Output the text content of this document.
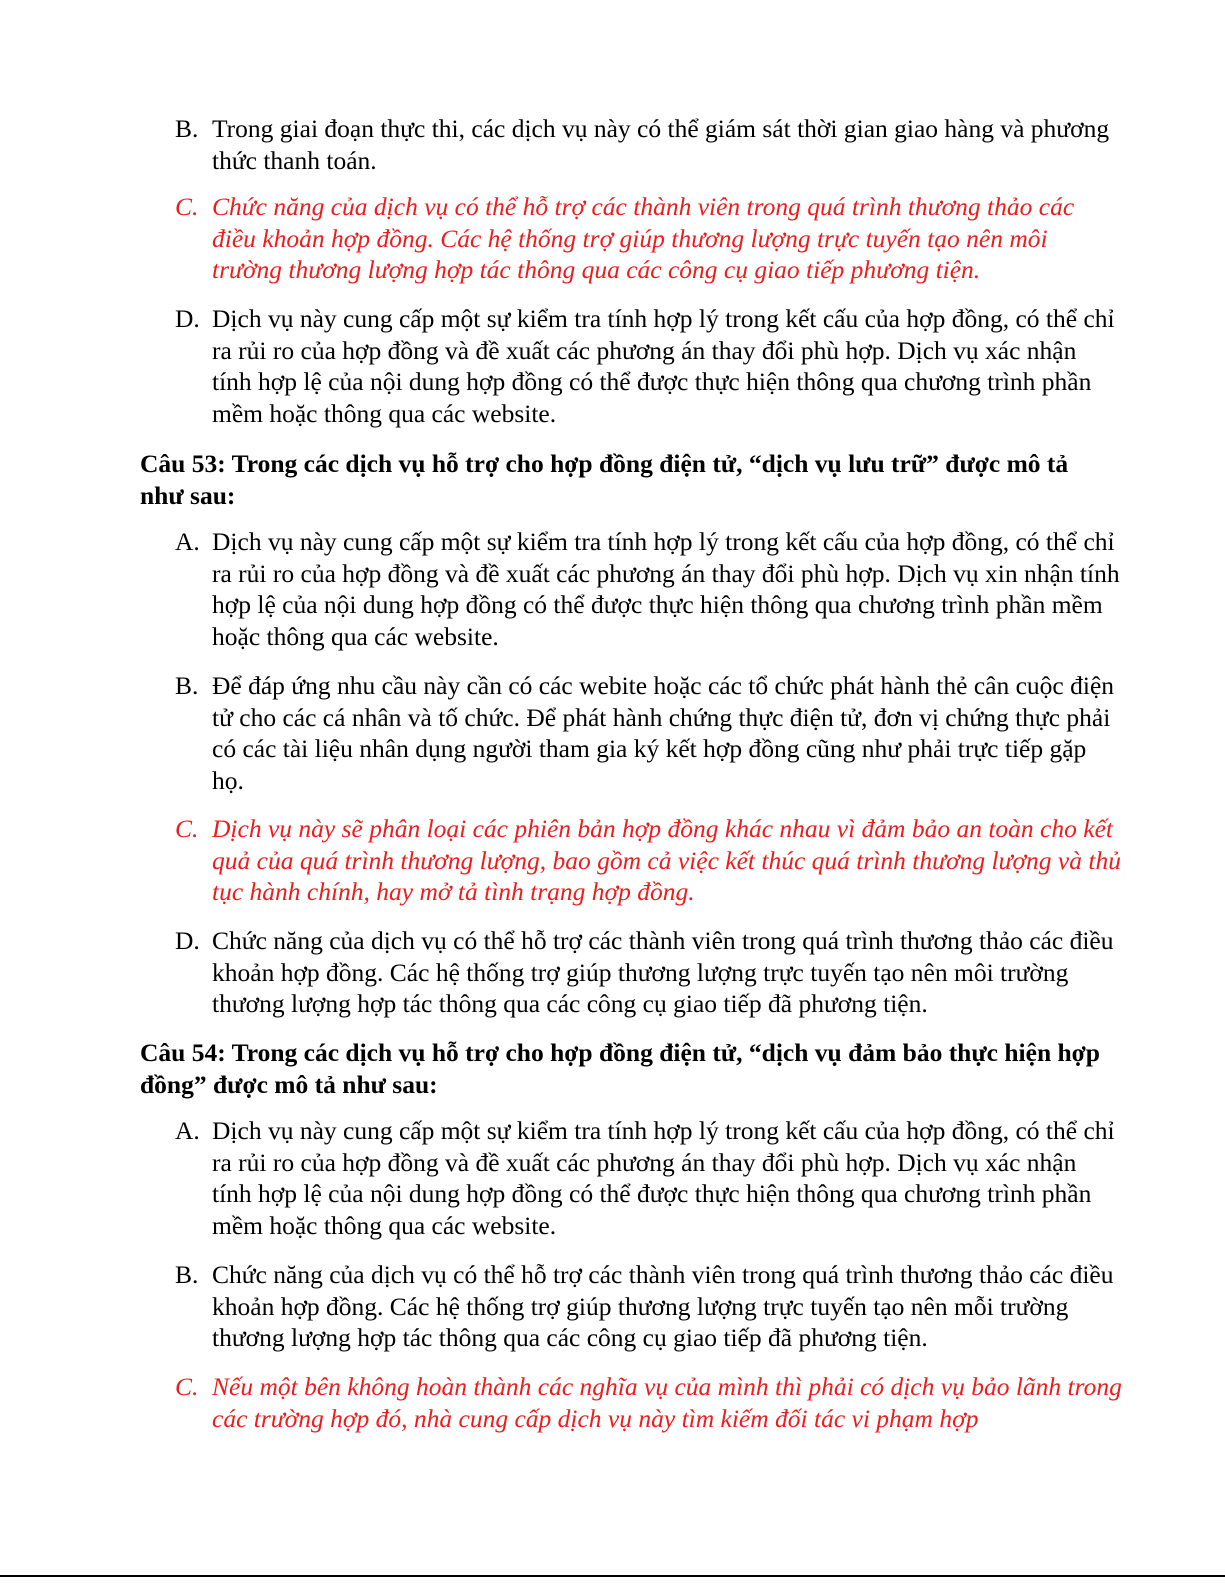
B. Trong giai đoạn thực thi, các dịch vụ này có thể giám sát thời gian giao hàng và phương thức thanh toán.
C. Chức năng của dịch vụ có thể hỗ trợ các thành viên trong quá trình thương thảo các điều khoản hợp đồng. Các hệ thống trợ giúp thương lượng trực tuyến tạo nên môi trường thương lượng hợp tác thông qua các công cụ giao tiếp phương tiện.
D. Dịch vụ này cung cấp một sự kiểm tra tính hợp lý trong kết cấu của hợp đồng, có thể chỉ ra rủi ro của hợp đồng và đề xuất các phương án thay đổi phù hợp. Dịch vụ xác nhận tính hợp lệ của nội dung hợp đồng có thể được thực hiện thông qua chương trình phần mềm hoặc thông qua các website.
Câu 53: Trong các dịch vụ hỗ trợ cho hợp đồng điện tử, “dịch vụ lưu trữ” được mô tả như sau:
A. Dịch vụ này cung cấp một sự kiểm tra tính hợp lý trong kết cấu của hợp đồng, có thể chỉ ra rủi ro của hợp đồng và đề xuất các phương án thay đổi phù hợp. Dịch vụ xin nhận tính hợp lệ của nội dung hợp đồng có thể được thực hiện thông qua chương trình phần mềm hoặc thông qua các website.
B. Để đáp ứng nhu cầu này cần có các webite hoặc các tổ chức phát hành thẻ cân cuộc điện tử cho các cá nhân và tố chức. Để phát hành chứng thực điện tử, đơn vị chứng thực phải có các tài liệu nhân dụng người tham gia ký kết hợp đồng cũng như phải trực tiếp gặp họ.
C. Dịch vụ này sẽ phân loại các phiên bản hợp đồng khác nhau vì đảm bảo an toàn cho kết quả của quá trình thương lượng, bao gồm cả việc kết thúc quá trình thương lượng và thủ tục hành chính, hay mở tả tình trạng hợp đồng.
D. Chức năng của dịch vụ có thể hỗ trợ các thành viên trong quá trình thương thảo các điều khoản hợp đồng. Các hệ thống trợ giúp thương lượng trực tuyến tạo nên môi trường thương lượng hợp tác thông qua các công cụ giao tiếp đã phương tiện.
Câu 54: Trong các dịch vụ hỗ trợ cho hợp đồng điện tử, “dịch vụ đảm bảo thực hiện hợp đồng” được mô tả như sau:
A. Dịch vụ này cung cấp một sự kiểm tra tính hợp lý trong kết cấu của hợp đồng, có thể chỉ ra rủi ro của hợp đồng và đề xuất các phương án thay đổi phù hợp. Dịch vụ xác nhận tính hợp lệ của nội dung hợp đồng có thể được thực hiện thông qua chương trình phần mềm hoặc thông qua các website.
B. Chức năng của dịch vụ có thể hỗ trợ các thành viên trong quá trình thương thảo các điều khoản hợp đồng. Các hệ thống trợ giúp thương lượng trực tuyến tạo nên mỗi trường thương lượng hợp tác thông qua các công cụ giao tiếp đã phương tiện.
C. Nếu một bên không hoàn thành các nghĩa vụ của mình thì phải có dịch vụ bảo lãnh trong các trường hợp đó, nhà cung cấp dịch vụ này tìm kiếm đối tác vi phạm hợp
